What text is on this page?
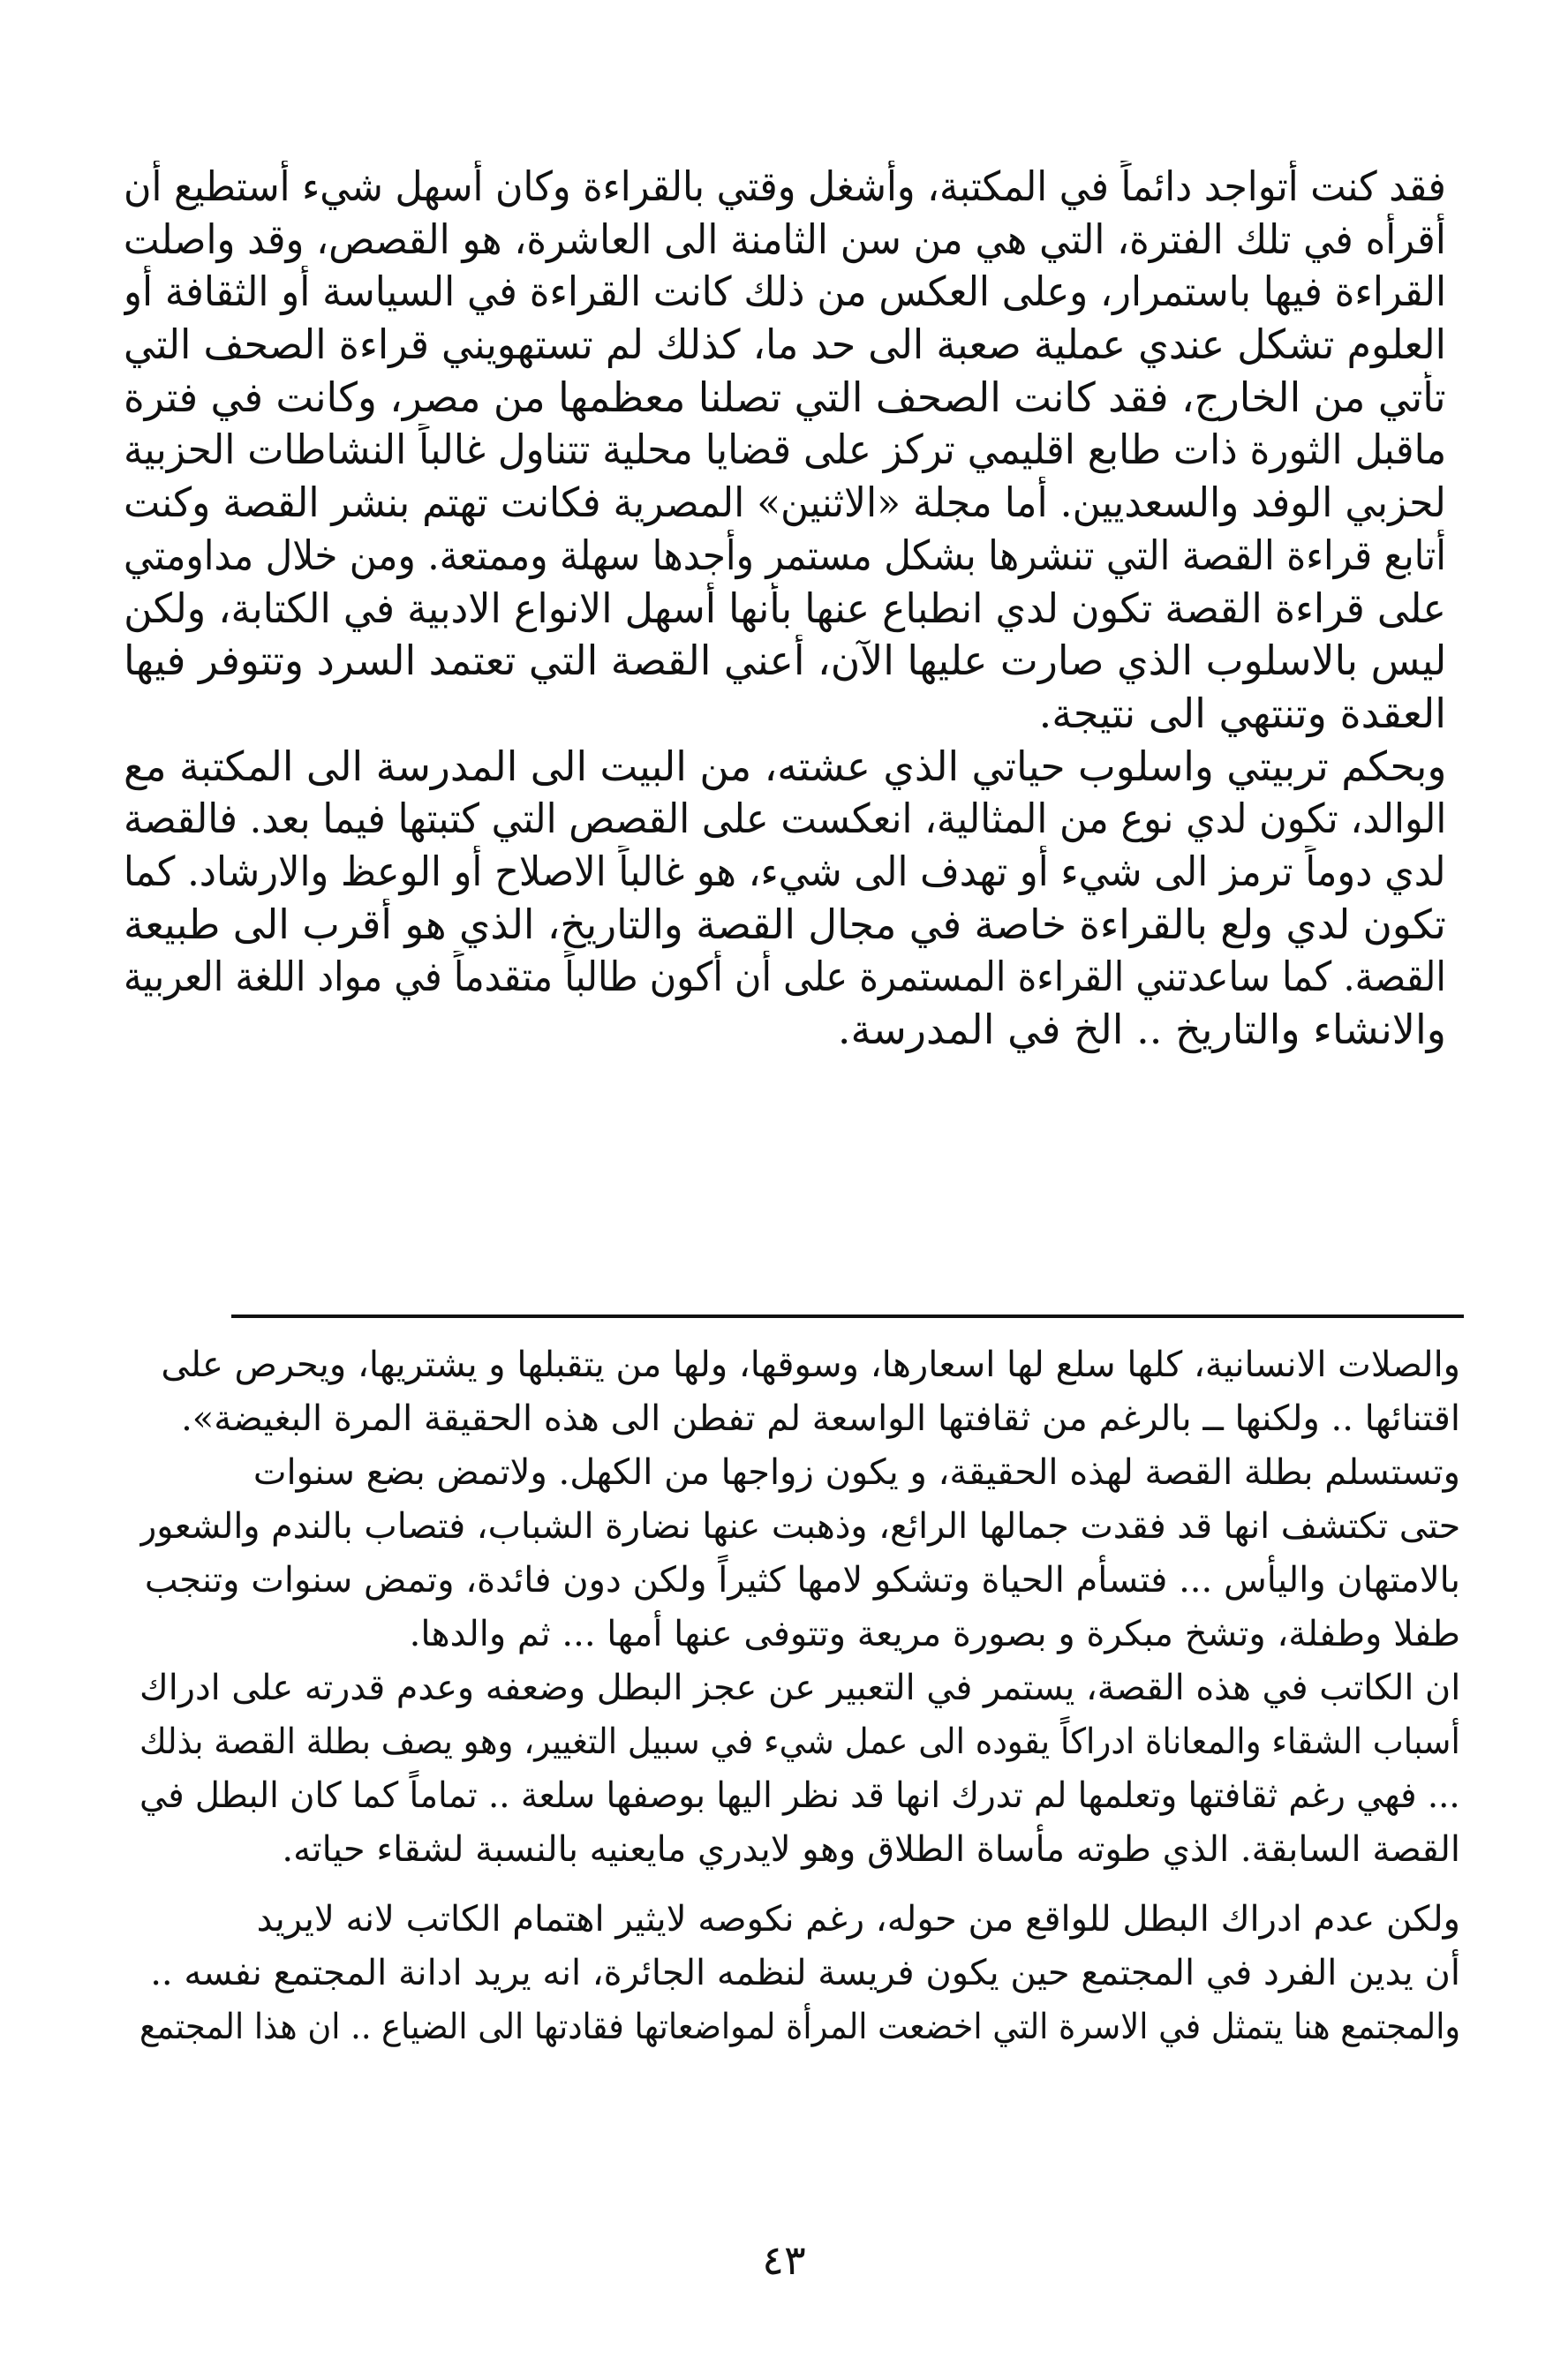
فقد كنت أتواجد دائماً في المكتبة، وأشغل وقتي بالقراءة وكان أسهل شيء أستطيع أن
أقرأه في تلك الفترة، التي هي من سن الثامنة الى العاشرة، هو القصص، وقد واصلت
القراءة فيها باستمرار، وعلى العكس من ذلك كانت القراءة في السياسة أو الثقافة أو
العلوم تشكل عندي عملية صعبة الى حد ما، كذلك لم تستهويني قراءة الصحف التي
تأتي من الخارج، فقد كانت الصحف التي تصلنا معظمها من مصر، وكانت في فترة
ماقبل الثورة ذات طابع اقليمي تركز على قضايا محلية تتناول غالباً النشاطات الحزبية
لحزبي الوفد والسعديين. أما مجلة «الاثنين» المصرية فكانت تهتم بنشر القصة وكنت
أتابع قراءة القصة التي تنشرها بشكل مستمر وأجدها سهلة وممتعة. ومن خلال مداومتي
على قراءة القصة تكون لدي انطباع عنها بأنها أسهل الانواع الادبية في الكتابة، ولكن
ليس بالاسلوب الذي صارت عليها الآن، أعني القصة التي تعتمد السرد وتتوفر فيها
العقدة وتنتهي الى نتيجة.
وبحكم تربيتي واسلوب حياتي الذي عشته، من البيت الى المدرسة الى المكتبة مع
الوالد، تكون لدي نوع من المثالية، انعكست على القصص التي كتبتها فيما بعد. فالقصة
لدي دوماً ترمز الى شيء أو تهدف الى شيء، هو غالباً الاصلاح أو الوعظ والارشاد. كما
تكون لدي ولع بالقراءة خاصة في مجال القصة والتاريخ، الذي هو أقرب الى طبيعة
القصة. كما ساعدتني القراءة المستمرة على أن أكون طالباً متقدماً في مواد اللغة العربية
والانشاء والتاريخ .. الخ في المدرسة.
والصلات الانسانية، كلها سلع لها اسعارها، وسوقها، ولها من يتقبلها و يشتريها، ويحرص على
اقتنائها .. ولكنها ــ بالرغم من ثقافتها الواسعة لم تفطن الى هذه الحقيقة المرة البغيضة».
وتستسلم بطلة القصة لهذه الحقيقة، و يكون زواجها من الكهل. ولاتمض بضع سنوات
حتى تكتشف انها قد فقدت جمالها الرائع، وذهبت عنها نضارة الشباب، فتصاب بالندم والشعور
بالامتهان واليأس ... فتسأم الحياة وتشكو لامها كثيراً ولكن دون فائدة، وتمض سنوات وتنجب
طفلا وطفلة، وتشخ مبكرة و بصورة مريعة وتتوفى عنها أمها ... ثم والدها.
ان الكاتب في هذه القصة، يستمر في التعبير عن عجز البطل وضعفه وعدم قدرته على ادراك
أسباب الشقاء والمعاناة ادراكاً يقوده الى عمل شيء في سبيل التغيير، وهو يصف بطلة القصة بذلك
... فهي رغم ثقافتها وتعلمها لم تدرك انها قد نظر اليها بوصفها سلعة .. تماماً كما كان البطل في
القصة السابقة. الذي طوته مأساة الطلاق وهو لايدري مايعنيه بالنسبة لشقاء حياته.
ولكن عدم ادراك البطل للواقع من حوله، رغم نكوصه لايثير اهتمام الكاتب لانه لايريد
أن يدين الفرد في المجتمع حين يكون فريسة لنظمه الجائرة، انه يريد ادانة المجتمع نفسه ..
والمجتمع هنا يتمثل في الاسرة التي اخضعت المرأة لمواضعاتها فقادتها الى الضياع .. ان هذا المجتمع
٤٣
